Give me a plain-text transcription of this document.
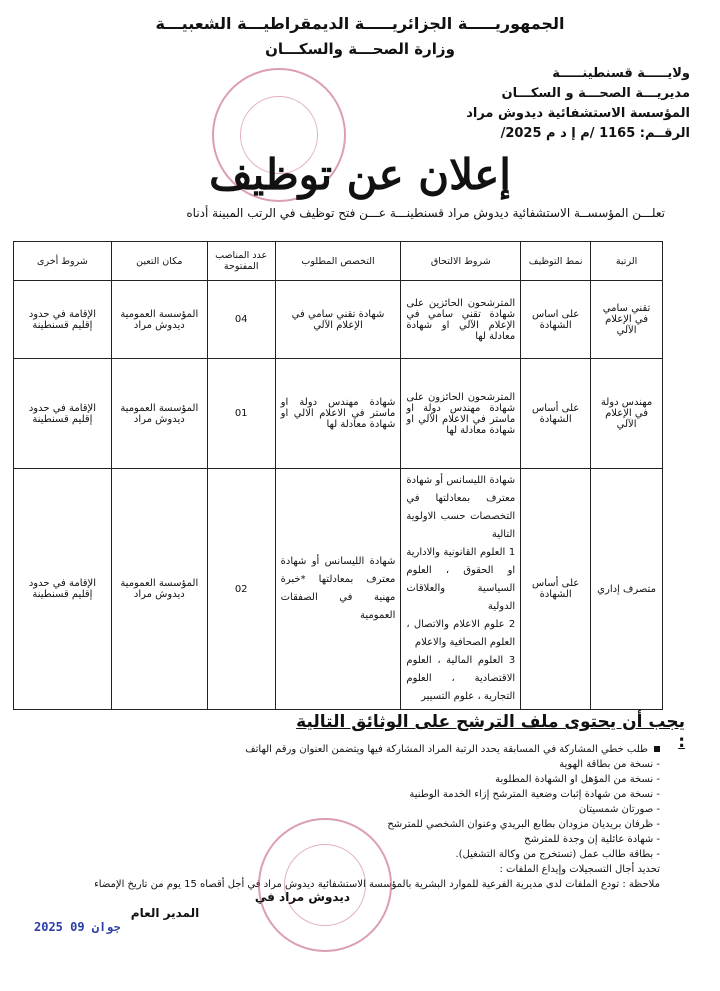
الجمهوريـــــة الجزائريـــــة الديمقراطيـــة الشعبيـــة
وزارة الصحـــة والسكـــان
ولايـــــة قسنطينـــــة
مديريـــة الصحـــة و السكـــان
المؤسسة الاستشفائية ديدوش مراد
الرقــم: 1165 /م إ د م 2025/
إعلان عن توظيف
تعلـــن المؤسســة الاستشفائية ديدوش مراد قسنطينـــة عـــن فتح توظيف في الرتب المبينة أدناه
الرتبة	نمط التوظيف	شروط الالتحاق	التخصص المطلوب	عدد المناصب المفتوحة	مكان التعين	شروط أخرى
تقني سامي في الإعلام الآلي	على اساس الشهادة	المترشحون الحائزين على شهادة تقني سامي في الإعلام الآلي او شهادة معادلة لها	شهادة تقني سامي في الإعلام الآلي	04	المؤسسة العمومية ديدوش مراد	الإقامة في حدود إقليم قسنطينة
مهندس دولة في الإعلام الآلي	على أساس الشهادة	المترشحون الحائزون على شهادة مهندس دولة او ماستر في الاعلام الآلي او شهادة معادلة لها	شهادة مهندس دولة او ماستر في الاعلام الالي او شهادة معادلة لها	01	المؤسسة العمومية ديدوش مراد	الإقامة في حدود إقليم قسنطينة
متصرف إداري	على أساس الشهادة	شهادة الليسانس أو شهادة معترف بمعادلتها في التخصصات حسب الاولوية التالية
1 العلوم القانونية والادارية او الحقوق ، العلوم السياسية والعلاقات الدولية
2 علوم الاعلام والاتصال ، العلوم الصحافية والاعلام
3 العلوم المالية ، العلوم الاقتصادية ، العلوم التجارية ، علوم التسيير	شهادة الليسانس أو شهادة معترف بمعادلتها *خبرة مهنية في الصفقات العمومية	02	المؤسسة العمومية ديدوش مراد	الإقامة في حدود إقليم قسنطينة
يجب أن يحتوى ملف الترشح على الوثائق التالية :
طلب خطي المشاركة في المسابقة يحدد الرتبة المراد المشاركة فيها ويتضمن العنوان ورقم الهاتف
- نسخة من بطاقة الهوية
- نسخة من المؤهل او الشهادة المطلوبة
- نسخة من شهادة إثبات وضعية المترشح إزاء الخدمة الوطنية
- صورتان شمسيتان
- ظرفان بريديان مزودان بطابع البريدي وعنوان الشخصي للمترشح
- شهادة عائلية إن وجدة للمترشح
- بطاقة طالب عمل (تستخرج من وكالة التشغيل).
تحديد أجال التسجيلات وإيداع الملفات :
ملاحظة : تودع الملفات لدى مديرية الفرعية للموارد البشرية بالمؤسسة الاستشفائية ديدوش مراد في أجل أقصاه 15 يوم من تاريخ الإمضاء
ديدوش مراد في
المدير العام
2025 جوان 09
